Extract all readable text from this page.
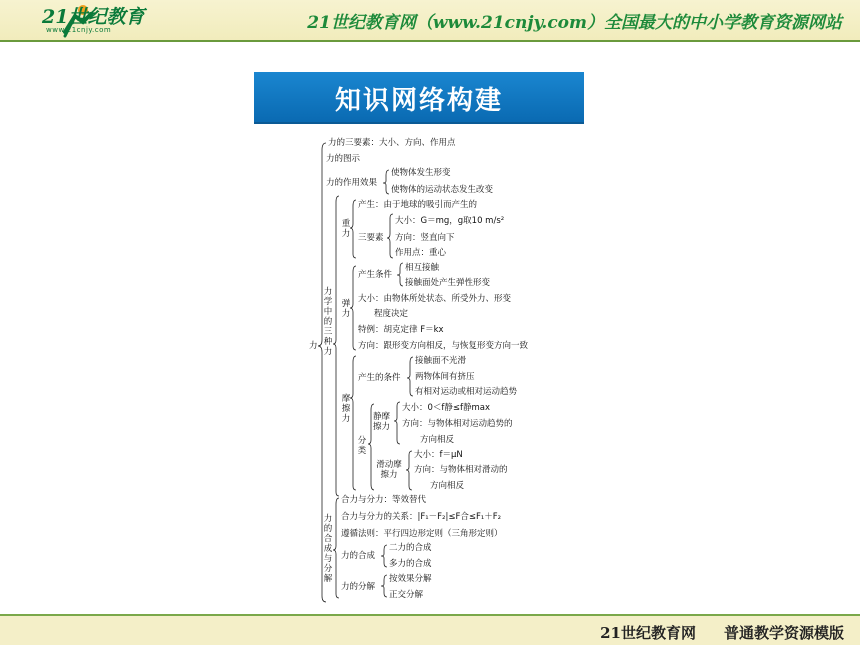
21世纪教育
www.21cnjy.com	21世纪教育网（www.21cnjy.com）全国最大的中小学教育资源网站
知识网络构建
力
力的三要素：大小、方向、作用点
力的图示
力的作用效果
使物体发生形变
使物体的运动状态发生改变
力学中的三种力
力的合成与分解
重力
产生：由于地球的吸引而产生的
三要素
大小：G＝mg，g取10 m/s²
方向：竖直向下
作用点：重心
弹力
产生条件
相互接触
接触面处产生弹性形变
大小：由物体所处状态、所受外力、形变
程度决定
特例：胡克定律 F＝kx
方向：跟形变方向相反，与恢复形变方向一致
摩擦力
产生的条件
接触面不光滑
两物体间有挤压
有相对运动或相对运动趋势
分类
静摩擦力
大小：0＜f静≤f静max
方向：与物体相对运动趋势的
方向相反
滑动摩擦力
大小：f＝μN
方向：与物体相对滑动的
方向相反
合力与分力：等效替代
合力与分力的关系：|F₁－F₂|≤F合≤F₁＋F₂
遵循法则：平行四边形定则（三角形定则）
力的合成
二力的合成
多力的合成
力的分解
按效果分解
正交分解
21世纪教育网 普通教学资源模版
